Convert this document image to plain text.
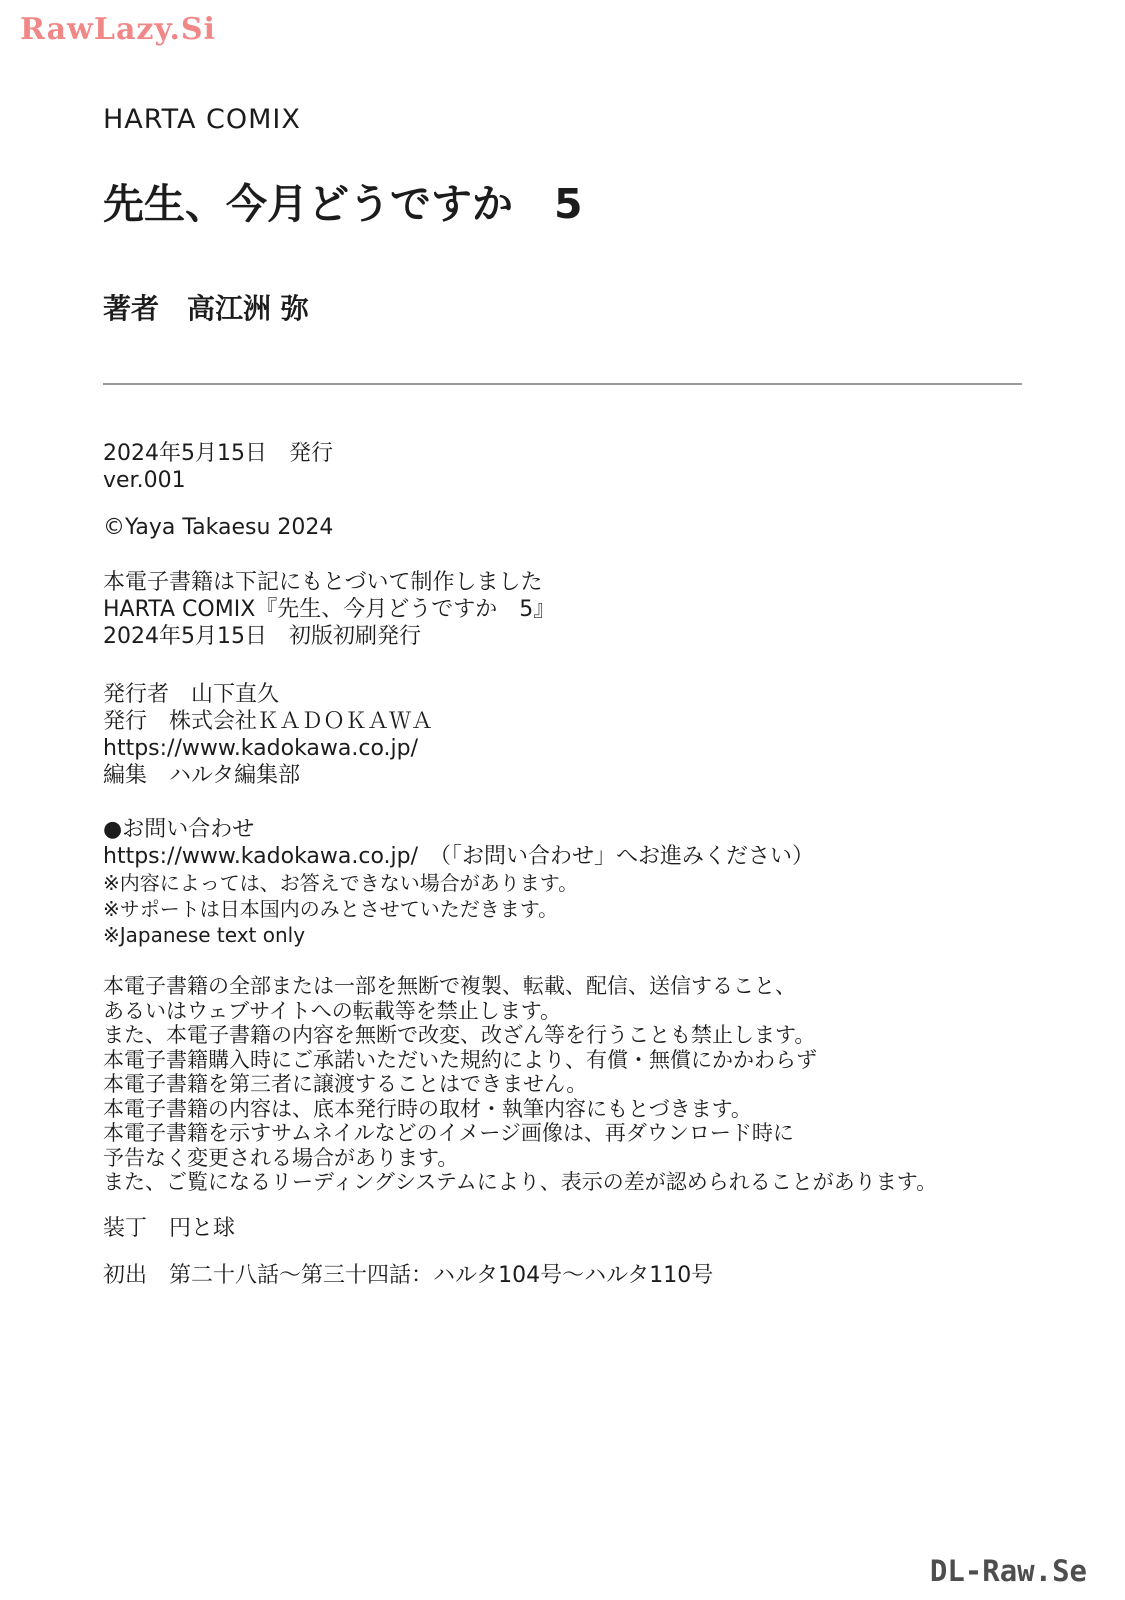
RawLazy.Si
HARTA COMIX
先生、今月どうですか　5
著者　高江洲 弥
2024年5月15日　発行
ver.001
©Yaya Takaesu 2024
本電子書籍は下記にもとづいて制作しました
HARTA COMIX『先生、今月どうですか　5』
2024年5月15日　初版初刷発行
発行者　山下直久
発行　株式会社ＫＡＤＯＫＡＷＡ
https://www.kadokawa.co.jp/
編集　ハルタ編集部
●お問い合わせ
https://www.kadokawa.co.jp/　（「お問い合わせ」へお進みください）
※内容によっては、お答えできない場合があります。
※サポートは日本国内のみとさせていただきます。
※Japanese text only
本電子書籍の全部または一部を無断で複製、転載、配信、送信すること、
あるいはウェブサイトへの転載等を禁止します。
また、本電子書籍の内容を無断で改変、改ざん等を行うことも禁止します。
本電子書籍購入時にご承諾いただいた規約により、有償・無償にかかわらず
本電子書籍を第三者に譲渡することはできません。
本電子書籍の内容は、底本発行時の取材・執筆内容にもとづきます。
本電子書籍を示すサムネイルなどのイメージ画像は、再ダウンロード時に
予告なく変更される場合があります。
また、ご覧になるリーディングシステムにより、表示の差が認められることがあります。
装丁　円と球
初出　第二十八話〜第三十四話：ハルタ104号〜ハルタ110号
DL-Raw.Se
